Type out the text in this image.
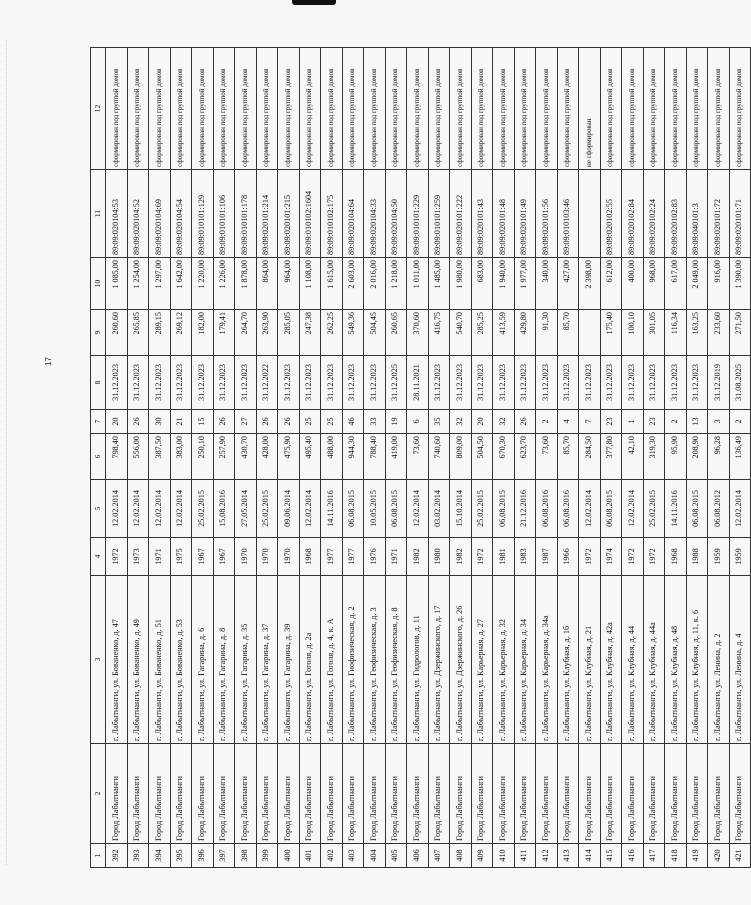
17
1	2	3	4	5	6	7	8	9	10	11	12
392	Город Лабытнанги	г. Лабытнанги, ул. Бованенко, д. 47	1972	12.02.2014	798,40	20	31.12.2023	260,60	1 085,00	89:09:020104:53	сформирован под группой домов
393	Город Лабытнанги	г. Лабытнанги, ул. Бованенко, д. 49	1973	12.02.2014	556,00	26	31.12.2023	265,85	1 254,00	89:09:020104:52	сформирован под группой домов
394	Город Лабытнанги	г. Лабытнанги, ул. Бованенко, д. 51	1971	12.02.2014	387,50	30	31.12.2023	289,15	1 297,00	89:09:020104:69	сформирован под группой домов
395	Город Лабытнанги	г. Лабытнанги, ул. Бованенко, д. 53	1975	12.02.2014	383,00	21	31.12.2023	269,12	1 642,00	89:09:020104:54	сформирован под группой домов
396	Город Лабытнанги	г. Лабытнанги, ул. Гагарина, д. 6	1967	25.02.2015	250,10	15	31.12.2023	182,00	1 220,00	89:09:010101:129	сформирован под группой домов
397	Город Лабытнанги	г. Лабытнанги, ул. Гагарина, д. 8	1967	15.08.2016	257,90	26	31.12.2023	179,41	1 226,00	89:09:010101:106	сформирован под группой домов
398	Город Лабытнанги	г. Лабытнанги, ул. Гагарина, д. 35	1970	27.05.2014	430,70	27	31.12.2023	264,70	1 878,00	89:09:010101:178	сформирован под группой домов
399	Город Лабытнанги	г. Лабытнанги, ул. Гагарина, д. 37	1970	25.02.2015	428,00	26	31.12.2022	263,90	864,00	89:09:020101:214	сформирован под группой домов
400	Город Лабытнанги	г. Лабытнанги, ул. Гагарина, д. 39	1970	09.06.2014	475,90	26	31.12.2023	285,05	964,00	89:09:020101:215	сформирован под группой домов
401	Город Лабытнанги	г. Лабытнанги, ул. Гоголя, д. 2а	1968	12.02.2014	495,40	25	31.12.2023	247,38	1 108,00	89:09:010102:1604	сформирован под группой домов
402	Город Лабытнанги	г. Лабытнанги, ул. Гоголя, д. 4, к. А	1977	14.11.2016	488,00	25	31.12.2023	262,25	1 615,00	89:09:010102:175	сформирован под группой домов
403	Город Лабытнанги	г. Лабытнанги, ул. Гиофизическая, д. 2	1977	06.08.2015	944,30	46	31.12.2023	549,36	2 603,00	89:09:020104:64	сформирован под группой домов
404	Город Лабытнанги	г. Лабытнанги, ул. Геофизическая, д. 3	1976	10.05.2015	788,40	33	31.12.2023	504,45	2 016,00	89:09:020104:33	сформирован под группой домов
405	Город Лабытнанги	г. Лабытнанги, ул. Геофизическая, д. 8	1971	06.08.2015	419,00	19	31.12.2025	260,65	1 218,00	89:09:020104:50	сформирован под группой домов
406	Город Лабытнанги	г. Лабытнанги, ул. Гидрологов, д. 11	1982	12.02.2014	73,60	6	28.11.2021	370,60	1 011,00	89:09:010101:229	сформирован под группой домов
407	Город Лабытнанги	г. Лабытнанги, ул. Дзержинского, д. 17	1980	03.02.2014	740,60	35	31.12.2023	416,75	1 485,00	89:09:010101:259	сформирован под группой домов
408	Город Лабытнанги	г. Лабытнанги, ул. Дзержинского, д. 26	1982	15.10.2014	809,00	32	31.12.2023	540,70	1 980,00	89:09:020101:222	сформирован под группой домов
409	Город Лабытнанги	г. Лабытнанги, ул. Карьерная, д. 27	1972	25.02.2015	504,50	20	31.12.2023	285,25	683,00	89:09:020101:43	сформирован под группой домов
410	Город Лабытнанги	г. Лабытнанги, ул. Карьерная, д. 32	1981	06.08.2015	670,30	32	31.12.2023	413,59	1 940,00	89:09:020101:48	сформирован под группой домов
411	Город Лабытнанги	г. Лабытнанги, ул. Карьерная, д. 34	1983	21.12.2016	623,70	26	31.12.2023	429,80	1 977,00	89:09:020101:49	сформирован под группой домов
412	Город Лабытнанги	г. Лабытнанги, ул. Карьерная, д. 34а	1987	06.08.2016	73,60	2	31.12.2023	91,30	340,00	89:09:020101:56	сформирован под группой домов
413	Город Лабытнанги	г. Лабытнанги, ул. Клубная, д. 1б	1966	06.08.2016	85,70	4	31.12.2023	85,70	427,00	89:09:010103:46	сформирован под группой домов
414	Город Лабытнанги	г. Лабытнанги, ул. Клубная, д. 21	1972	12.02.2014	284,50	7	31.12.2023		2 398,00		не сформирован
415	Город Лабытнанги	г. Лабытнанги, ул. Клубная, д. 42а	1974	06.08.2015	377,80	23	31.12.2023	175,40	612,00	89:09:020102:55	сформирован под группой домов
416	Город Лабытнанги	г. Лабытнанги, ул. Клубная, д. 44	1972	12.02.2014	42,10	1	31.12.2023	100,10	400,00	89:09:020102:84	сформирован под группой домов
417	Город Лабытнанги	г. Лабытнанги, ул. Клубная, д. 44а	1972	25.02.2015	319,30	23	31.12.2023	301,05	968,00	89:09:020102:24	сформирован под группой домов
418	Город Лабытнанги	г. Лабытнанги, ул. Клубная, д. 48	1968	14.11.2016	95,90	2	31.12.2023	116,34	617,00	89:09:020102:83	сформирован под группой домов
419	Город Лабытнанги	г. Лабытнанги, ул. Клубная, д. 11, к. 6	1988	06.08.2015	208,90	13	31.12.2023	163,25	2 049,00	89:09:040101:3	сформирован под группой домов
420	Город Лабытнанги	г. Лабытнанги, ул. Ленина, д. 2	1959	06.08.2012	96,28	3	31.12.2019	233,60	916,00	89:09:020101:72	сформирован под группой домов
421	Город Лабытнанги	г. Лабытнанги, ул. Ленина, д. 4	1959	12.02.2014	136,49	2	31.08.2025	271,50	1 390,00	89:09:020101:71	сформирован под группой домов
